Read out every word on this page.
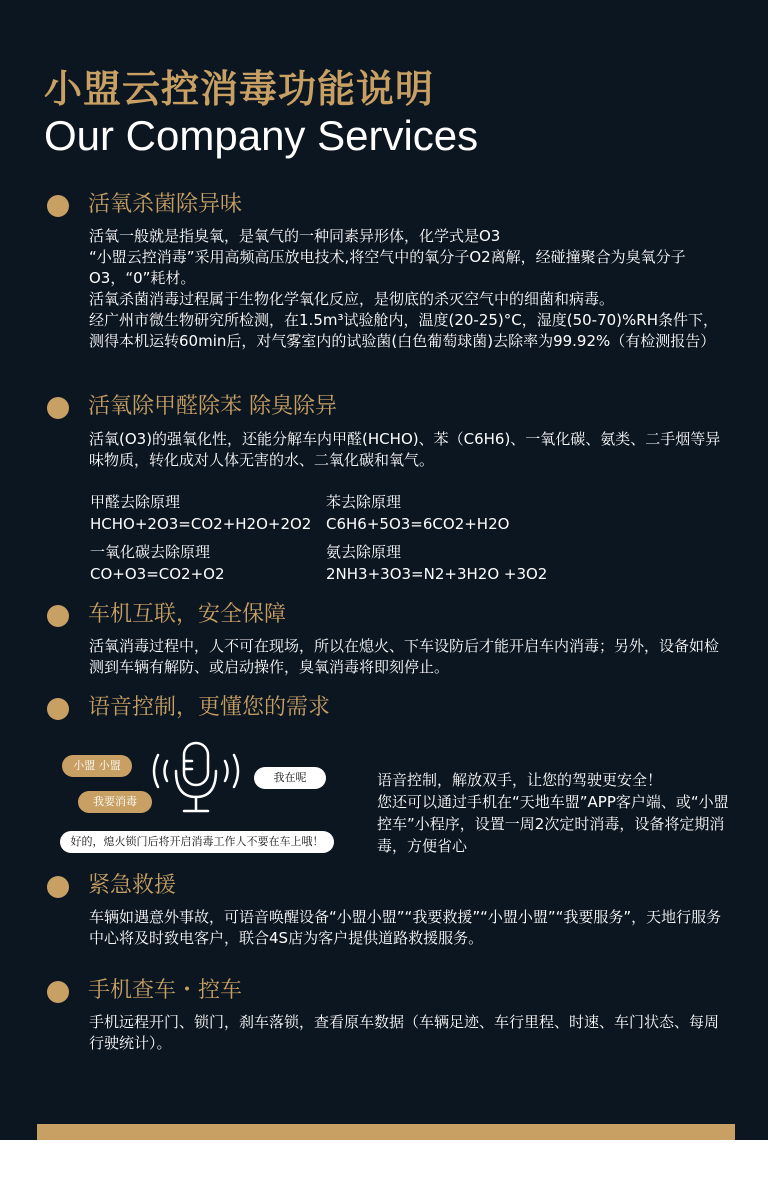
小盟云控消毒功能说明
Our Company Services
活氧杀菌除异味

活氧一般就是指臭氧，是氧气的一种同素异形体，化学式是O3

“小盟云控消毒”采用高频高压放电技术,将空气中的氧分子O2离解，经碰撞聚合为臭氧分子O3，“0”耗材。

活氧杀菌消毒过程属于生物化学氧化反应，是彻底的杀灭空气中的细菌和病毒。

经广州市微生物研究所检测，在1.5m³试验舱内，温度(20-25)°C，湿度(50-70)%RH条件下，测得本机运转60min后，对气雾室内的试验菌(白色葡萄球菌)去除率为99.92%（有检测报告）

活氧除甲醛除苯 除臭除异

活氧(O3)的强氧化性，还能分解车内甲醛(HCHO)、苯（C6H6)、一氧化碳、氨类、二手烟等异味物质，转化成对人体无害的水、二氧化碳和氧气。

甲醛去除原理
HCHO+2O3=CO2+H2O+2O2
苯去除原理
C6H6+5O3=6CO2+H2O
一氧化碳去除原理
CO+O3=CO2+O2
氨去除原理
2NH3+3O3=N2+3H2O +3O2
车机互联，安全保障

活氧消毒过程中，人不可在现场，所以在熄火、下车设防后才能开启车内消毒；另外，设备如检测到车辆有解防、或启动操作，臭氧消毒将即刻停止。

语音控制，更懂您的需求
小盟 小盟
我要消毒
我在呢
好的，熄火锁门后将开启消毒工作人不要在车上哦！

语音控制，解放双手，让您的驾驶更安全！

您还可以通过手机在“天地车盟”APP客户端、或“小盟控车”小程序，设置一周2次定时消毒，设备将定期消毒，方便省心

紧急救援

车辆如遇意外事故，可语音唤醒设备“小盟小盟”“我要救援”“小盟小盟”“我要服务”，天地行服务中心将及时致电客户，联合4S店为客户提供道路救援服务。

手机查车・控车

手机远程开门、锁门，刹车落锁，查看原车数据（车辆足迹、车行里程、时速、车门状态、每周行驶统计）。
